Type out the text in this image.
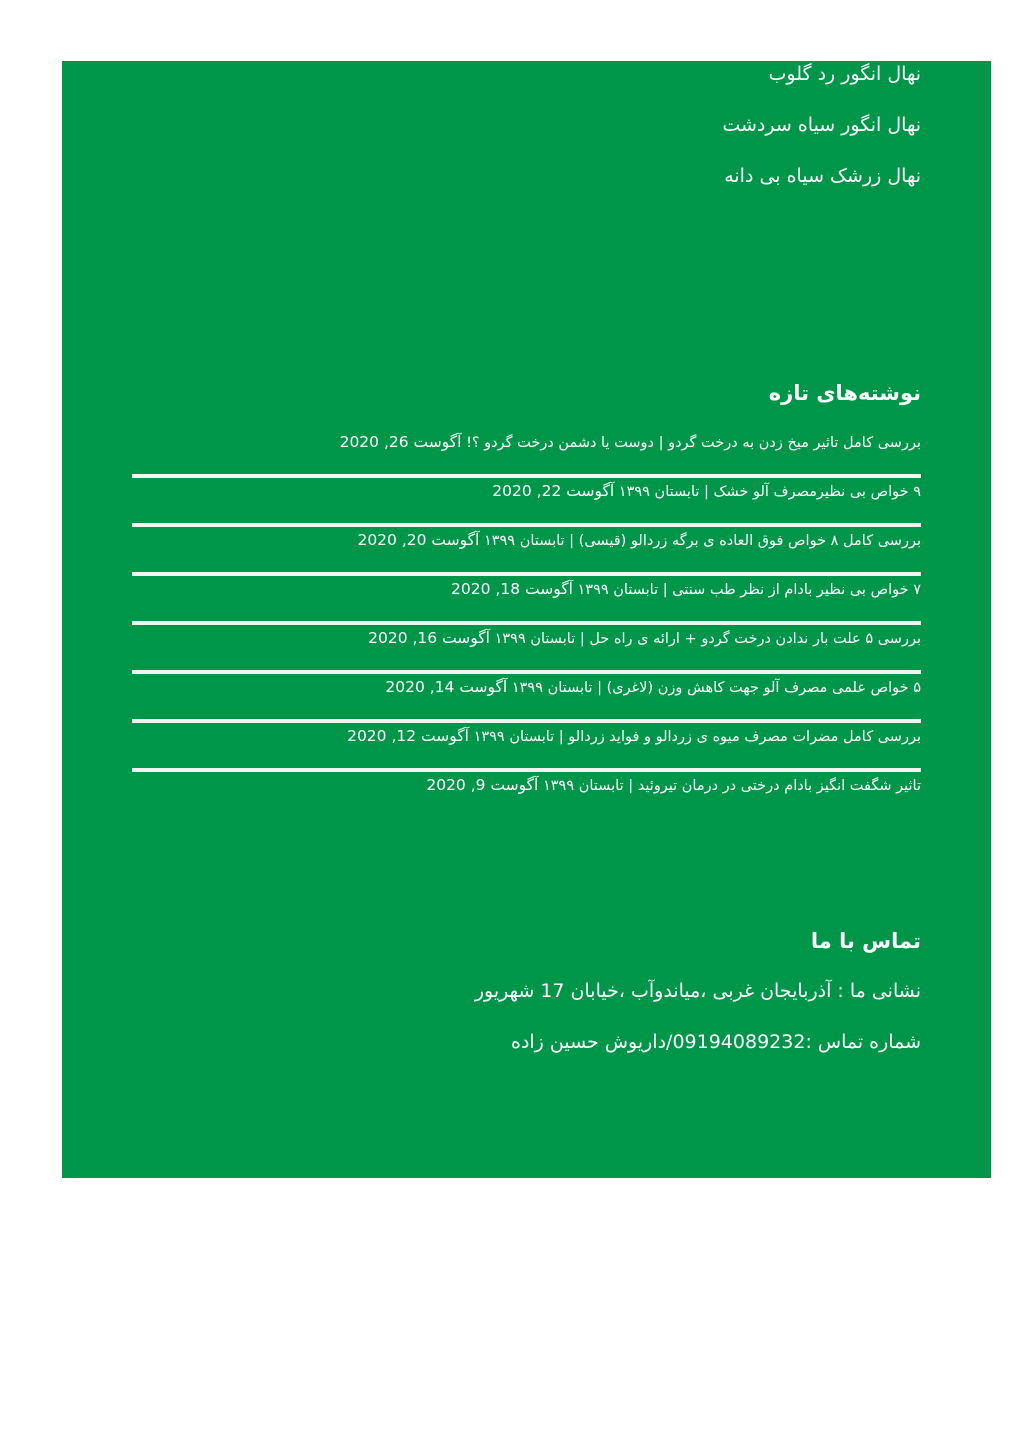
نهال انگور رد گلوب
نهال انگور سیاه سردشت
نهال زرشک سیاه بی دانه
نوشته‌های تازه
بررسی کامل تاثیر میخ زدن به درخت گردو | دوست یا دشمن درخت گردو ؟! آگوست 26, 2020
۹ خواص بی نظیرمصرف آلو خشک | تابستان ۱۳۹۹ آگوست 22, 2020
بررسی کامل ۸ خواص فوق العاده ی برگه زردالو (قیسی) | تابستان ۱۳۹۹ آگوست 20, 2020
۷ خواص بی نظیر بادام از نظر طب سنتی | تابستان ۱۳۹۹ آگوست 18, 2020
بررسی ۵ علت بار ندادن درخت گردو + ارائه ی راه حل | تابستان ۱۳۹۹ آگوست 16, 2020
۵ خواص علمی مصرف آلو جهت کاهش وزن (لاغری) | تابستان ۱۳۹۹ آگوست 14, 2020
بررسی کامل مضرات مصرف میوه ی زردالو و فواید زردالو | تابستان ۱۳۹۹ آگوست 12, 2020
تاثیر شگفت انگیز بادام درختی در درمان تیروئید | تابستان ۱۳۹۹ آگوست 9, 2020
تماس با ما

نشانی ما : آذربایجان غربی ،میاندوآب ،خیابان 17 شهریور

شماره تماس :09194089232/داریوش حسین زاده
